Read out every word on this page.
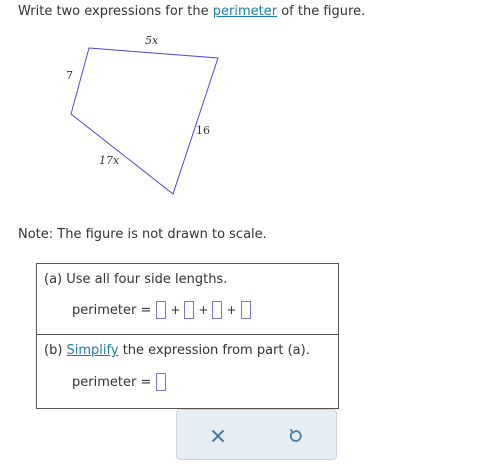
Write two expressions for the perimeter of the figure.
5x
7
16
17x
Note: The figure is not drawn to scale.
(a) Use all four side lengths.
perimeter = + + +
(b) Simplify the expression from part (a).
perimeter =
